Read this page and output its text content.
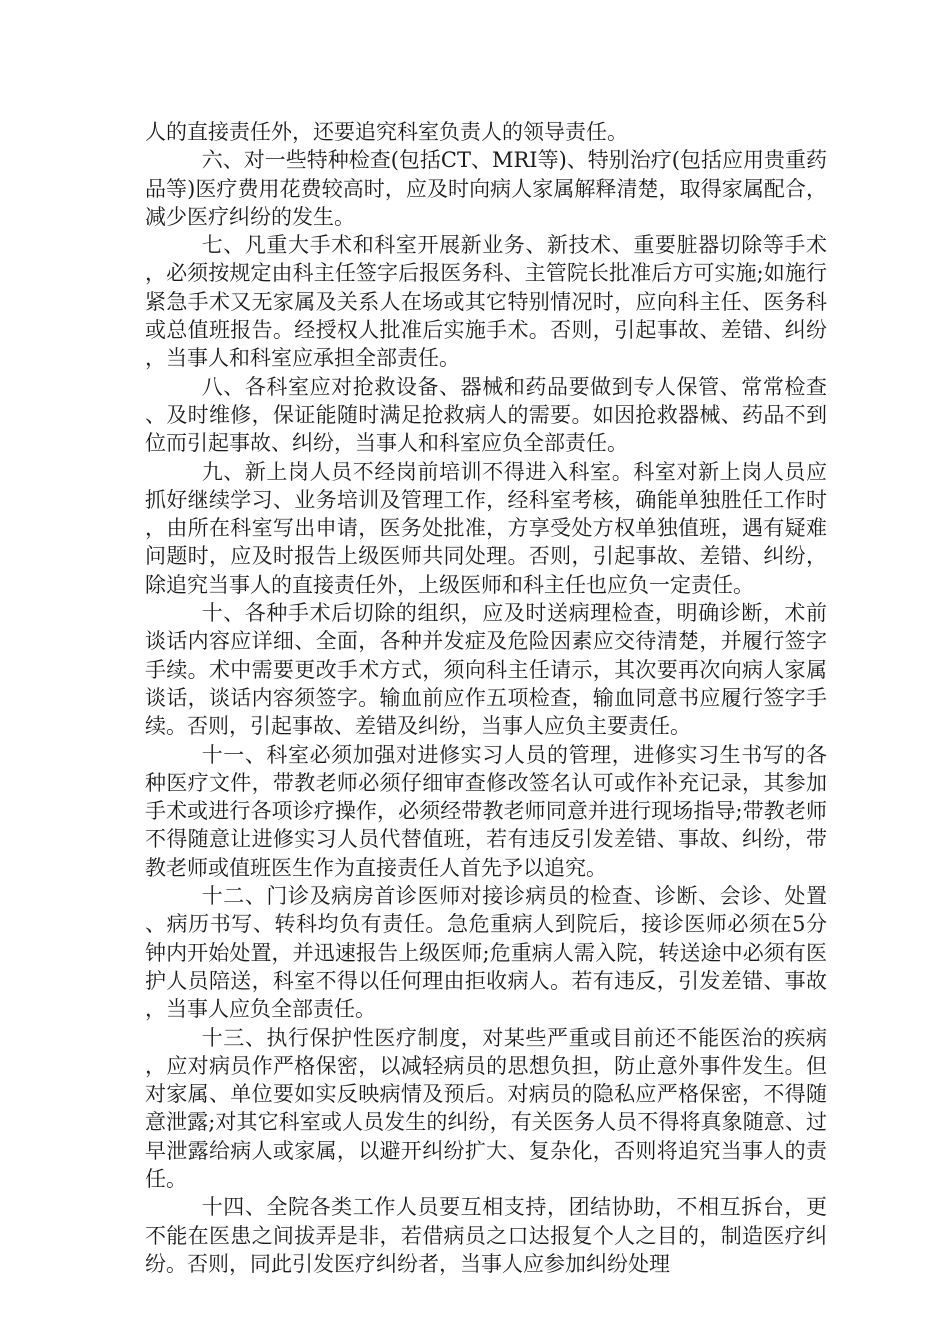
人的直接责任外，还要追究科室负责人的领导责任。

六、对一些特种检查(包括CT、MRI等)、特别治疗(包括应用贵重药品等)医疗费用花费较高时，应及时向病人家属解释清楚，取得家属配合，减少医疗纠纷的发生。

七、凡重大手术和科室开展新业务、新技术、重要脏器切除等手术，必须按规定由科主任签字后报医务科、主管院长批准后方可实施;如施行紧急手术又无家属及关系人在场或其它特别情况时，应向科主任、医务科或总值班报告。经授权人批准后实施手术。否则，引起事故、差错、纠纷，当事人和科室应承担全部责任。

八、各科室应对抢救设备、器械和药品要做到专人保管、常常检查、及时维修，保证能随时满足抢救病人的需要。如因抢救器械、药品不到位而引起事故、纠纷，当事人和科室应负全部责任。

九、新上岗人员不经岗前培训不得进入科室。科室对新上岗人员应抓好继续学习、业务培训及管理工作，经科室考核，确能单独胜任工作时，由所在科室写出申请，医务处批准，方享受处方权单独值班，遇有疑难问题时，应及时报告上级医师共同处理。否则，引起事故、差错、纠纷，除追究当事人的直接责任外，上级医师和科主任也应负一定责任。

十、各种手术后切除的组织，应及时送病理检查，明确诊断，术前谈话内容应详细、全面，各种并发症及危险因素应交待清楚，并履行签字手续。术中需要更改手术方式，须向科主任请示，其次要再次向病人家属谈话，谈话内容须签字。输血前应作五项检查，输血同意书应履行签字手续。否则，引起事故、差错及纠纷，当事人应负主要责任。

十一、科室必须加强对进修实习人员的管理，进修实习生书写的各种医疗文件，带教老师必须仔细审查修改签名认可或作补充记录，其参加手术或进行各项诊疗操作，必须经带教老师同意并进行现场指导;带教老师不得随意让进修实习人员代替值班，若有违反引发差错、事故、纠纷，带教老师或值班医生作为直接责任人首先予以追究。

十二、门诊及病房首诊医师对接诊病员的检查、诊断、会诊、处置、病历书写、转科均负有责任。急危重病人到院后，接诊医师必须在5分钟内开始处置，并迅速报告上级医师;危重病人需入院，转送途中必须有医护人员陪送，科室不得以任何理由拒收病人。若有违反，引发差错、事故，当事人应负全部责任。

十三、执行保护性医疗制度，对某些严重或目前还不能医治的疾病，应对病员作严格保密，以减轻病员的思想负担，防止意外事件发生。但对家属、单位要如实反映病情及预后。对病员的隐私应严格保密，不得随意泄露;对其它科室或人员发生的纠纷，有关医务人员不得将真象随意、过早泄露给病人或家属，以避开纠纷扩大、复杂化，否则将追究当事人的责任。

十四、全院各类工作人员要互相支持，团结协助，不相互拆台，更不能在医患之间拔弄是非，若借病员之口达报复个人之目的，制造医疗纠纷。否则，同此引发医疗纠纷者，当事人应参加纠纷处理
